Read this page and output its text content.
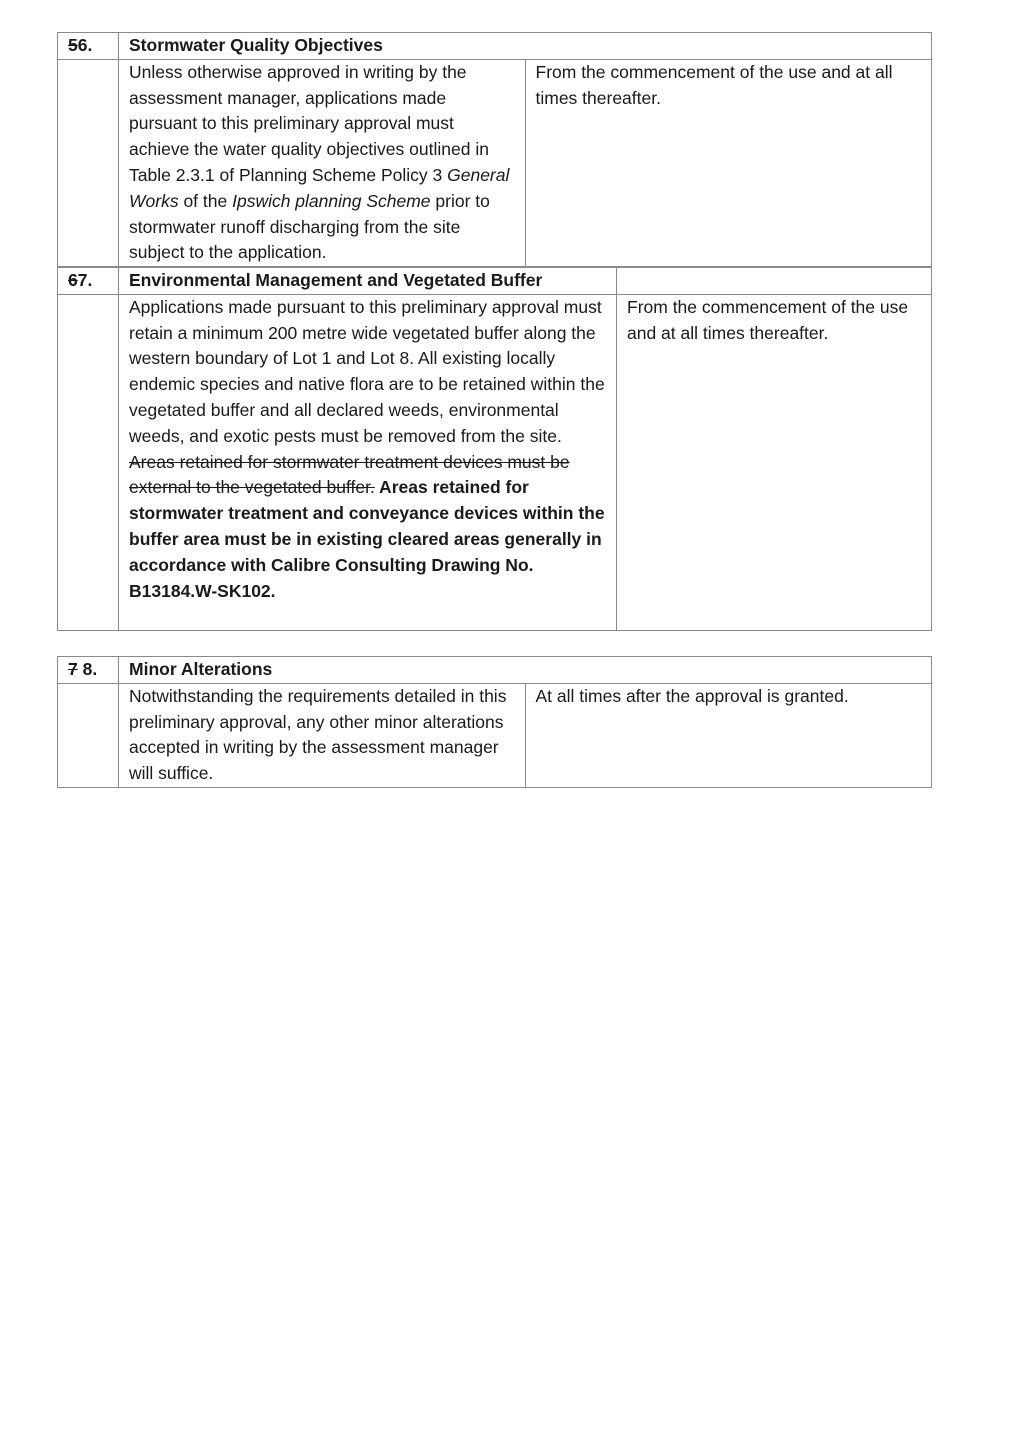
56.	Stormwater Quality Objectives	
	Unless otherwise approved in writing by the assessment manager, applications made pursuant to this preliminary approval must achieve the water quality objectives outlined in Table 2.3.1 of Planning Scheme Policy 3 General Works of the Ipswich planning Scheme prior to stormwater runoff discharging from the site subject to the application.	From the commencement of the use and at all times thereafter.
67.	Environmental Management and Vegetated Buffer	
	Applications made pursuant to this preliminary approval must retain a minimum 200 metre wide vegetated buffer along the western boundary of Lot 1 and Lot 8. All existing locally endemic species and native flora are to be retained within the vegetated buffer and all declared weeds, environmental weeds, and exotic pests must be removed from the site. Areas retained for stormwater treatment devices must be external to the vegetated buffer. Areas retained for stormwater treatment and conveyance devices within the buffer area must be in existing cleared areas generally in accordance with Calibre Consulting Drawing No. B13184.W-SK102.	From the commencement of the use and at all times thereafter.
7 8.	Minor Alterations	
	Notwithstanding the requirements detailed in this preliminary approval, any other minor alterations accepted in writing by the assessment manager will suffice.	At all times after the approval is granted.
